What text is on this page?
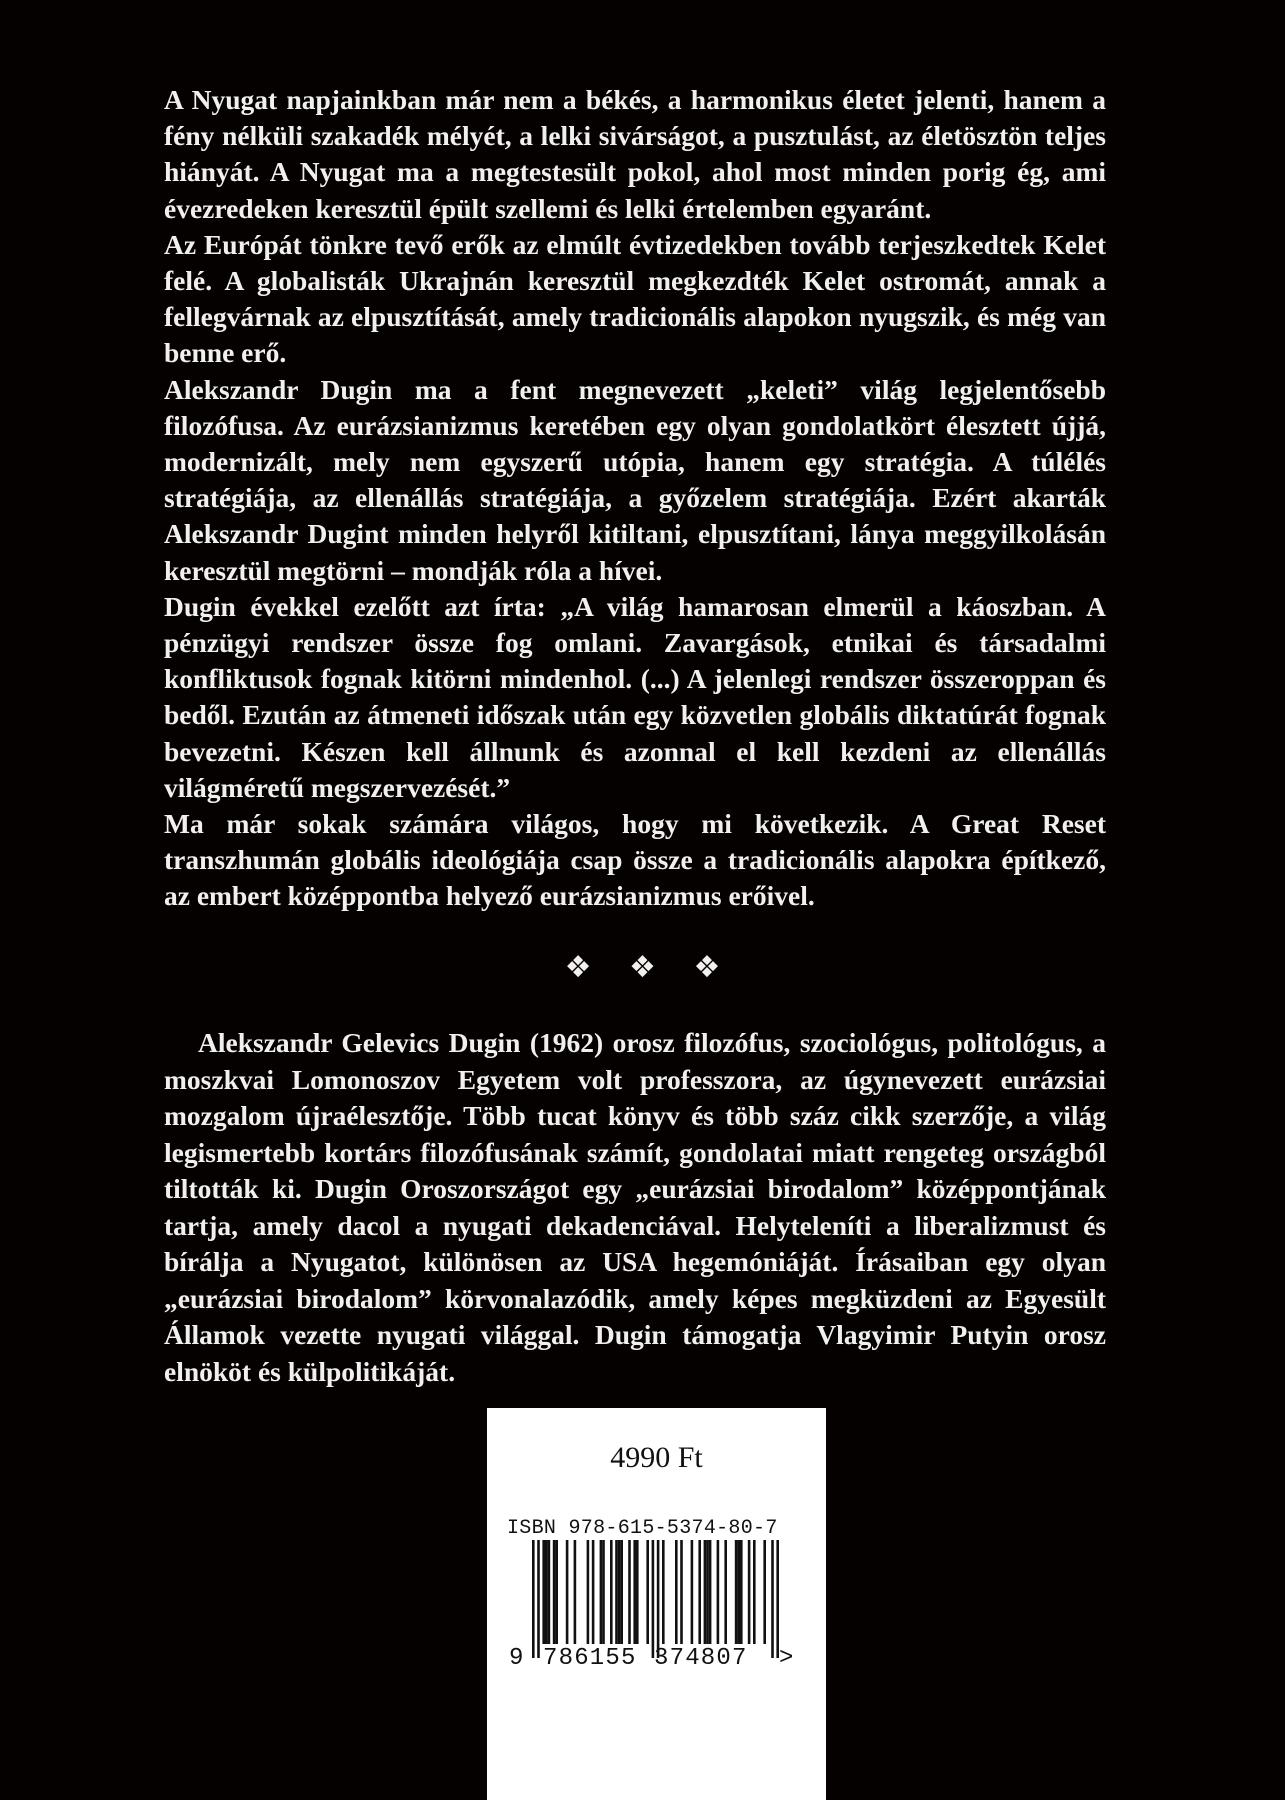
A Nyugat napjainkban már nem a békés, a harmonikus életet jelenti, hanem a fény nélküli szakadék mélyét, a lelki sivárságot, a pusztulást, az életösztön teljes hiányát. A Nyugat ma a megtestesült pokol, ahol most minden porig ég, ami évezredeken keresztül épült szellemi és lelki értelemben egyaránt.

Az Európát tönkre tevő erők az elmúlt évtizedekben tovább terjeszkedtek Kelet felé. A globalisták Ukrajnán keresztül megkezdték Kelet ostromát, annak a fellegvárnak az elpusztítását, amely tradicionális alapokon nyugszik, és még van benne erő.

Alekszandr Dugin ma a fent megnevezett „keleti” világ legjelentősebb filozófusa. Az eurázsianizmus keretében egy olyan gondolatkört élesztett újjá, modernizált, mely nem egyszerű utópia, hanem egy stratégia. A túlélés stratégiája, az ellenállás stratégiája, a győzelem stratégiája. Ezért akarták Alekszandr Dugint minden helyről kitiltani, elpusztítani, lánya meggyilkolásán keresztül megtörni – mondják róla a hívei.

Dugin évekkel ezelőtt azt írta: „A világ hamarosan elmerül a káoszban. A pénzügyi rendszer össze fog omlani. Zavargások, etnikai és társadalmi konfliktusok fognak kitörni mindenhol. (...) A jelenlegi rendszer összeroppan és bedől. Ezután az átmeneti időszak után egy közvetlen globális diktatúrát fognak bevezetni. Készen kell állnunk és azonnal el kell kezdeni az ellenállás világméretű megszervezését.”

Ma már sokak számára világos, hogy mi következik. A Great Reset transzhumán globális ideológiája csap össze a tradicionális alapokra építkező, az embert középpontba helyező eurázsianizmus erőivel.

❖ ❖ ❖

Alekszandr Gelevics Dugin (1962) orosz filozófus, szociológus, politológus, a moszkvai Lomonoszov Egyetem volt professzora, az úgynevezett eurázsiai mozgalom újraélesztője. Több tucat könyv és több száz cikk szerzője, a világ legismertebb kortárs filozófusának számít, gondolatai miatt rengeteg országból tiltották ki. Dugin Oroszországot egy „eurázsiai birodalom” középpontjának tartja, amely dacol a nyugati dekadenciával. Helyteleníti a liberalizmust és bírálja a Nyugatot, különösen az USA hegemóniáját. Írásaiban egy olyan „eurázsiai birodalom” körvonalazódik, amely képes megküzdeni az Egyesült Államok vezette nyugati világgal. Dugin támogatja Vlagyimir Putyin orosz elnököt és külpolitikáját.

4990 Ft
ISBN 978-615-5374-80-7
9 786155 374807 >
